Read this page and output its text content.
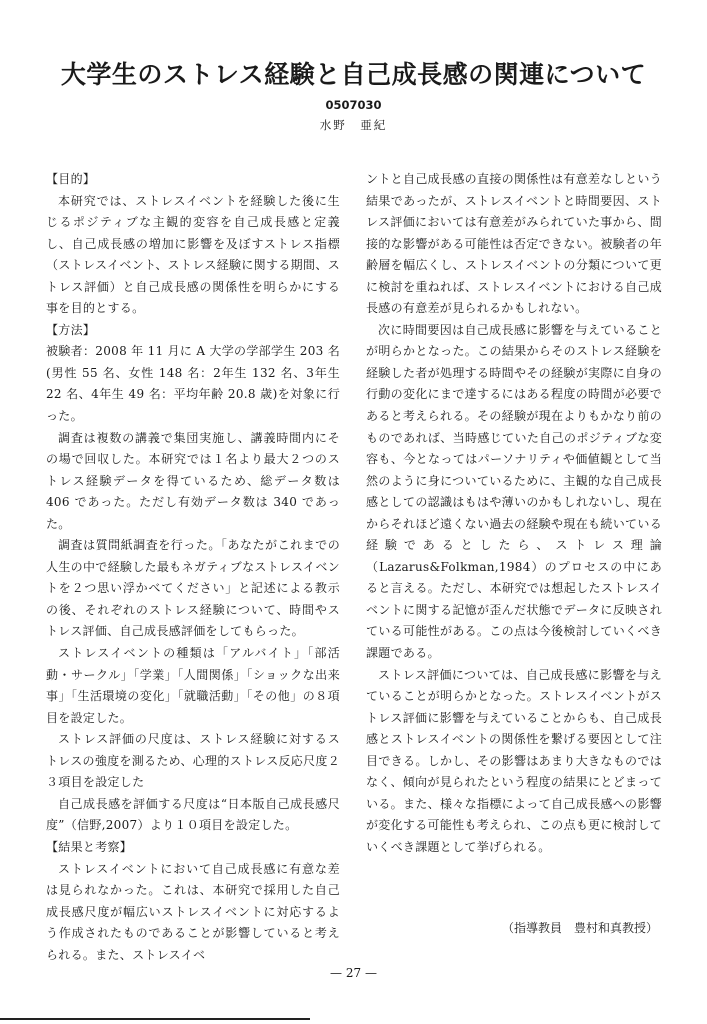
大学生のストレス経験と自己成長感の関連について
0507030
水野　亜紀

【目的】

本研究では、ストレスイベントを経験した後に生じるポジティブな主観的変容を自己成長感と定義し、自己成長感の増加に影響を及ぼすストレス指標（ストレスイベント、ストレス経験に関する期間、ストレス評価）と自己成長感の関係性を明らかにする事を目的とする。

【方法】

被験者：2008 年 11 月に A 大学の学部学生 203 名(男性 55 名、女性 148 名：2年生 132 名、3年生 22 名、4年生 49 名：平均年齢 20.8 歳)を対象に行った。

調査は複数の講義で集団実施し、講義時間内にその場で回収した。本研究では１名より最大２つのストレス経験データを得ているため、総データ数は 406 であった。ただし有効データ数は 340 であった。

調査は質問紙調査を行った。｢あなたがこれまでの人生の中で経験した最もネガティブなストレスイベントを２つ思い浮かべてください」と記述による教示の後、それぞれのストレス経験について、時間やストレス評価、自己成長感評価をしてもらった。

ストレスイベントの種類は「アルバイト」「部活動・サークル」「学業」「人間関係」「ショックな出来事」「生活環境の変化」「就職活動」「その他」の８項目を設定した。

ストレス評価の尺度は、ストレス経験に対するストレスの強度を測るため、心理的ストレス反応尺度２３項目を設定した

自己成長感を評価する尺度は“日本版自己成長感尺度”（信野,2007）より１０項目を設定した。

【結果と考察】

ストレスイベントにおいて自己成長感に有意な差は見られなかった。これは、本研究で採用した自己成長感尺度が幅広いストレスイベントに対応するよう作成されたものであることが影響していると考えられる。また、ストレスイベ

ントと自己成長感の直接の関係性は有意差なしという結果であったが、ストレスイベントと時間要因、ストレス評価においては有意差がみられていた事から、間接的な影響がある可能性は否定できない。被験者の年齢層を幅広くし、ストレスイベントの分類について更に検討を重ねれば、ストレスイベントにおける自己成長感の有意差が見られるかもしれない。

次に時間要因は自己成長感に影響を与えていることが明らかとなった。この結果からそのストレス経験を経験した者が処理する時間やその経験が実際に自身の行動の変化にまで達するにはある程度の時間が必要であると考えられる。その経験が現在よりもかなり前のものであれば、当時感じていた自己のポジティブな変容も、今となってはパーソナリティや価値観として当然のように身についているために、主観的な自己成長感としての認識はもはや薄いのかもしれないし、現在からそれほど遠くない過去の経験や現在も続いている経験であるとしたら、ストレス理論（Lazarus&Folkman,1984）のプロセスの中にあると言える。ただし、本研究では想起したストレスイベントに関する記憶が歪んだ状態でデータに反映されている可能性がある。この点は今後検討していくべき課題である。

ストレス評価については、自己成長感に影響を与えていることが明らかとなった。ストレスイベントがストレス評価に影響を与えていることからも、自己成長感とストレスイベントの関係性を繋げる要因として注目できる。しかし、その影響はあまり大きなものではなく、傾向が見られたという程度の結果にとどまっている。また、様々な指標によって自己成長感への影響が変化する可能性も考えられ、この点も更に検討していくべき課題として挙げられる。

（指導教員　豊村和真教授）
— 27 —
